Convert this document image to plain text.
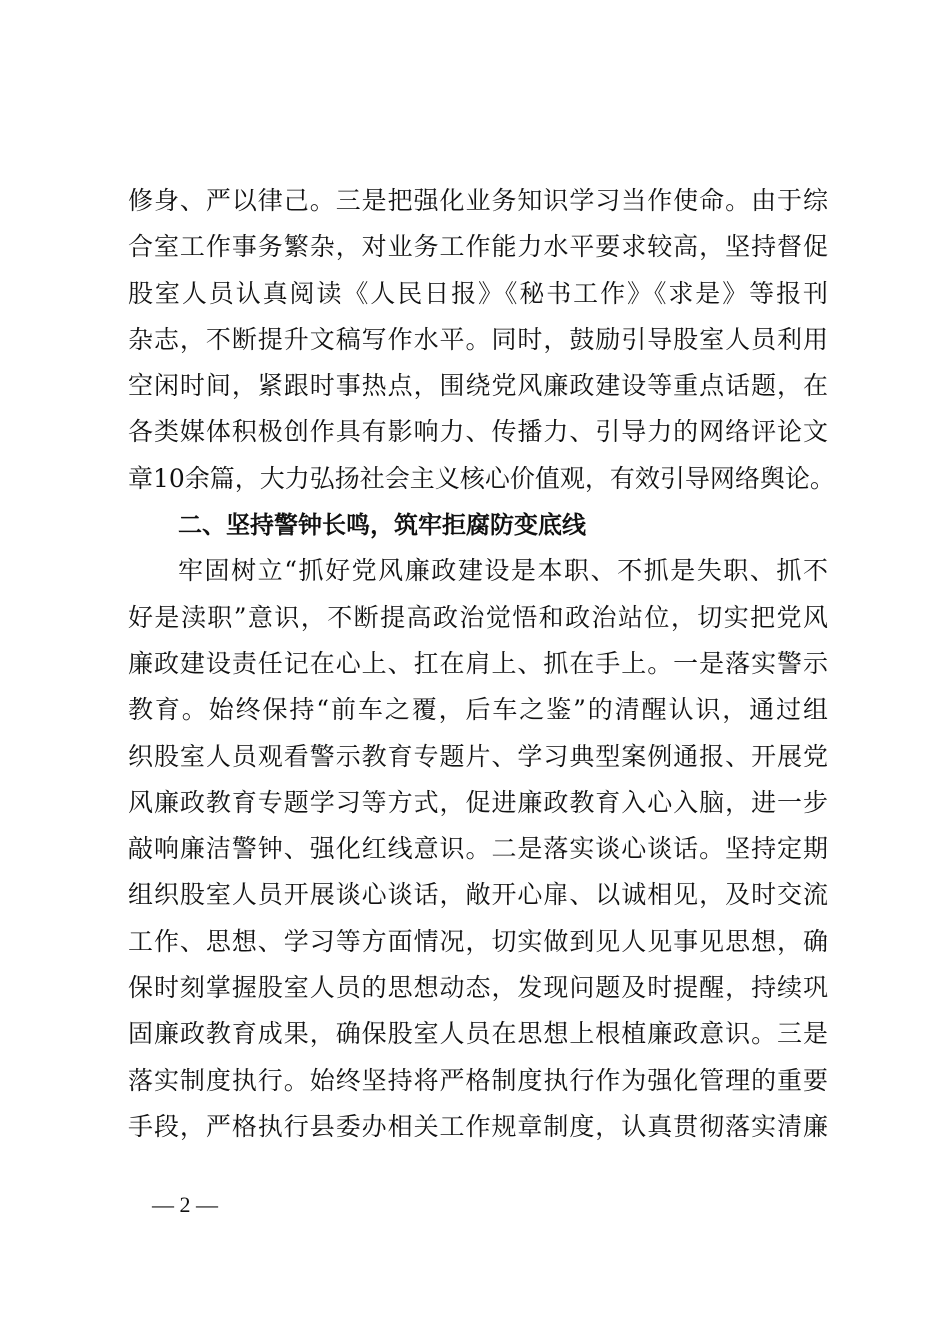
修身、严以律己。三是把强化业务知识学习当作使命。由于综
合室工作事务繁杂，对业务工作能力水平要求较高，坚持督促
股室人员认真阅读《人民日报》《秘书工作》《求是》等报刊
杂志，不断提升文稿写作水平。同时，鼓励引导股室人员利用
空闲时间，紧跟时事热点，围绕党风廉政建设等重点话题，在
各类媒体积极创作具有影响力、传播力、引导力的网络评论文
章10余篇，大力弘扬社会主义核心价值观，有效引导网络舆论。
二、坚持警钟长鸣，筑牢拒腐防变底线
牢固树立“抓好党风廉政建设是本职、不抓是失职、抓不
好是渎职”意识，不断提高政治觉悟和政治站位，切实把党风
廉政建设责任记在心上、扛在肩上、抓在手上。一是落实警示
教育。始终保持“前车之覆，后车之鉴”的清醒认识，通过组
织股室人员观看警示教育专题片、学习典型案例通报、开展党
风廉政教育专题学习等方式，促进廉政教育入心入脑，进一步
敲响廉洁警钟、强化红线意识。二是落实谈心谈话。坚持定期
组织股室人员开展谈心谈话，敞开心扉、以诚相见，及时交流
工作、思想、学习等方面情况，切实做到见人见事见思想，确
保时刻掌握股室人员的思想动态，发现问题及时提醒，持续巩
固廉政教育成果，确保股室人员在思想上根植廉政意识。三是
落实制度执行。始终坚持将严格制度执行作为强化管理的重要
手段，严格执行县委办相关工作规章制度，认真贯彻落实清廉
— 2 —
